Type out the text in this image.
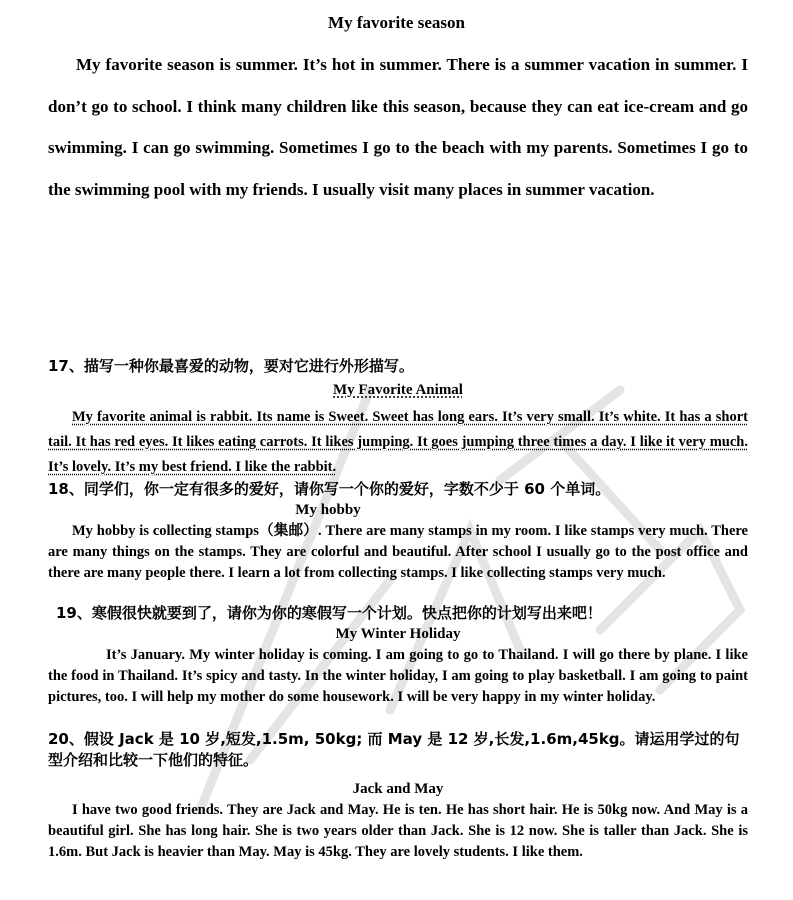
My favorite season
My favorite season is summer. It’s hot in summer. There is a summer vacation in summer. I don’t go to school. I think many children like this season, because they can eat ice-cream and go swimming. I can go swimming. Sometimes I go to the beach with my parents. Sometimes I go to the swimming pool with my friends. I usually visit many places in summer vacation.
17、描写一种你最喜爱的动物，要对它进行外形描写。
My Favorite Animal
My favorite animal is rabbit. Its name is Sweet. Sweet has long ears. It’s very small. It’s white. It has a short tail. It has red eyes. It likes eating carrots. It likes jumping. It goes jumping three times a day. I like it very much. It’s lovely. It’s my best friend. I like the rabbit.
18、同学们，你一定有很多的爱好，请你写一个你的爱好，字数不少于 60 个单词。
My hobby
My hobby is collecting stamps（集邮）. There are many stamps in my room. I like stamps very much. There are many things on the stamps. They are colorful and beautiful. After school I usually go to the post office and there are many people there. I learn a lot from collecting stamps. I like collecting stamps very much.
19、寒假很快就要到了，请你为你的寒假写一个计划。快点把你的计划写出来吧！
My Winter Holiday
It’s January. My winter holiday is coming. I am going to go to Thailand. I will go there by plane. I like the food in Thailand. It’s spicy and tasty. In the winter holiday, I am going to play basketball. I am going to paint pictures, too. I will help my mother do some housework. I will be very happy in my winter holiday.
20、假设 Jack 是 10 岁,短发,1.5m, 50kg; 而 May 是 12 岁,长发,1.6m,45kg。请运用学过的句型介绍和比较一下他们的特征。
Jack and May
I have two good friends. They are Jack and May. He is ten. He has short hair. He is 50kg now. And May is a beautiful girl. She has long hair. She is two years older than Jack. She is 12 now. She is taller than Jack. She is 1.6m. But Jack is heavier than May. May is 45kg. They are lovely students. I like them.
